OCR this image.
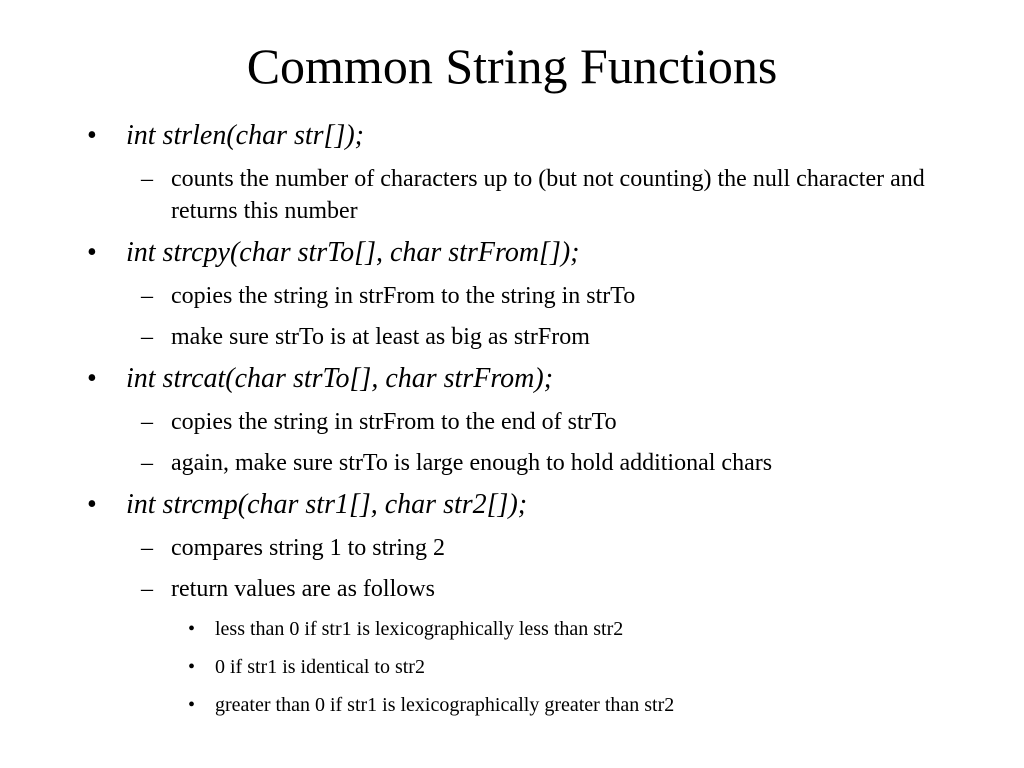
Common String Functions
• int strlen(char str[]);
– counts the number of characters up to (but not counting) the null character and returns this number
• int strcpy(char strTo[], char strFrom[]);
– copies the string in strFrom to the string in strTo
– make sure strTo is at least as big as strFrom
• int strcat(char strTo[], char strFrom);
– copies the string in strFrom to the end of strTo
– again, make sure strTo is large enough to hold additional chars
• int strcmp(char str1[], char str2[]);
– compares string 1 to string 2
– return values are as follows
• less than 0 if str1 is lexicographically less than str2
• 0 if str1 is identical to str2
• greater than 0 if str1 is lexicographically greater than str2
